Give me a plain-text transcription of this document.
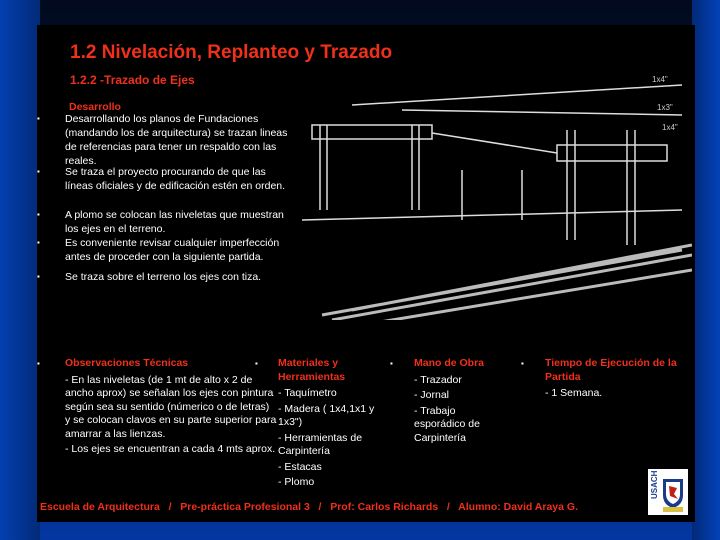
1.2 Nivelación, Replanteo y Trazado
1.2.2 -Trazado de Ejes
Desarrollo
▪ Desarrollando los planos de Fundaciones (mandando los de arquitectura) se trazan lineas de referencias para tener un respaldo con las reales.
▪ Se traza el proyecto procurando de que las líneas oficiales y de edificación estén en orden.
▪ A plomo se colocan las niveletas que muestran los ejes en el terreno.
▪ Es conveniente revisar cualquier imperfección antes de proceder con la siguiente partida.
▪ Se traza sobre el terreno los ejes con tiza.
1x4"
1x3"
1x4"
▪ Observaciones Técnicas
- En las niveletas (de 1 mt de alto x 2 de ancho aprox) se señalan los ejes con pintura según sea su sentido (númerico o de letras) y se colocan clavos en su parte superior para amarrar a las lienzas.
- Los ejes se encuentran a cada 4 mts aprox.
▪ Materiales y Herramientas
- Taquímetro
- Madera ( 1x4,1x1 y 1x3")
- Herramientas de Carpintería
- Estacas
- Plomo
▪ Mano de Obra
- Trazador
- Jornal
- Trabajo esporádico de Carpintería
▪ Tiempo de Ejecución de la Partida
- 1 Semana.
Escuela de Arquitectura   /   Pre-práctica Profesional 3   /   Prof: Carlos Richards   /   Alumno: David Araya G.
USACH
